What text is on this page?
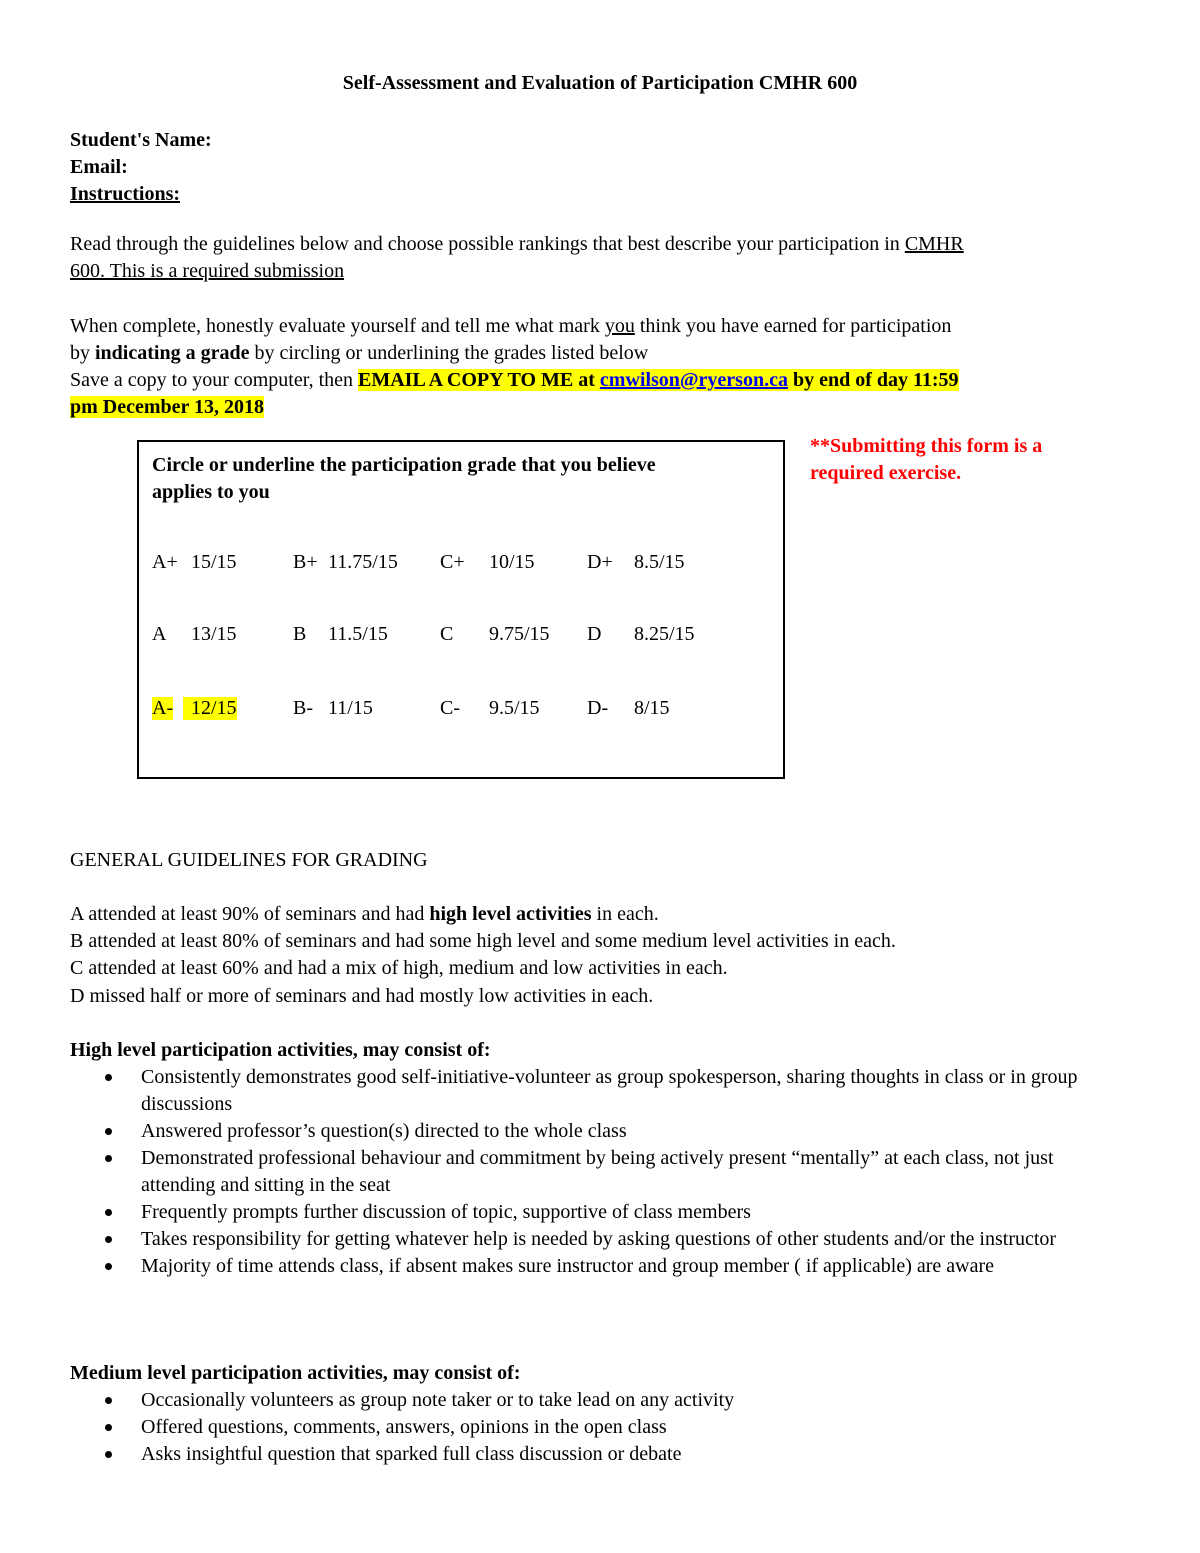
Self-Assessment and Evaluation of Participation CMHR 600
Student's Name:
Email:
Instructions:
Read through the guidelines below and choose possible rankings that best describe your participation in CMHR
600. This is a required submission
When complete, honestly evaluate yourself and tell me what mark you think you have earned for participation
by indicating a grade by circling or underlining the grades listed below
Save a copy to your computer, then EMAIL A COPY TO ME at cmwilson@ryerson.ca by end of day 11:59
pm December 13, 2018
**Submitting this form is a
required exercise.
Circle or underline the participation grade that you believe
applies to you
A+ 15/15	B+ 11.75/15 C+ 10/15	D+ 8.5/15
A 13/15	B 11.5/15	C 9.75/15 D 8.25/15
A- 12/15	B- 11/15	C- 9.5/15 D- 8/15
GENERAL GUIDELINES FOR GRADING
A attended at least 90% of seminars and had high level activities in each.
B attended at least 80% of seminars and had some high level and some medium level activities in each.
C attended at least 60% and had a mix of high, medium and low activities in each.
D missed half or more of seminars and had mostly low activities in each.
High level participation activities, may consist of:
Consistently demonstrates good self-initiative-volunteer as group spokesperson, sharing thoughts in class or in group discussions
Answered professor’s question(s) directed to the whole class
Demonstrated professional behaviour and commitment by being actively present “mentally” at each class, not just attending and sitting in the seat
Frequently prompts further discussion of topic, supportive of class members
Takes responsibility for getting whatever help is needed by asking questions of other students and/or the instructor
Majority of time attends class, if absent makes sure instructor and group member ( if applicable) are aware
Medium level participation activities, may consist of:
Occasionally volunteers as group note taker or to take lead on any activity
Offered questions, comments, answers, opinions in the open class
Asks insightful question that sparked full class discussion or debate
